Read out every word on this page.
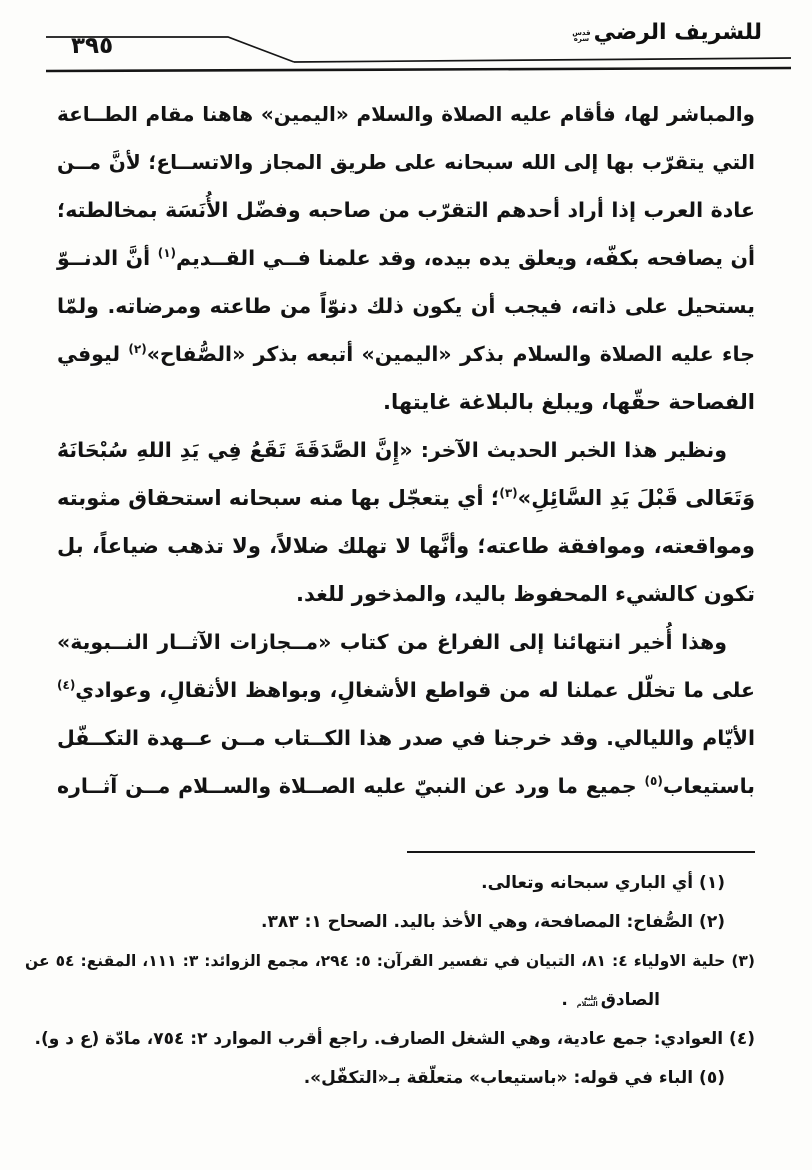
للشريف الرضي
قدس
سره
٣٩٥
والمباشر لها، فأقام عليه الصلاة والسلام «اليمين» هاهنا مقام الطــاعة
التي يتقرّب بها إلى الله سبحانه على طريق المجاز والاتســاع؛ لأنَّ مــن
عادة العرب إذا أراد أحدهم التقرّب من صاحبه وفضّل الأُنَسَة بمخالطته؛
أن يصافحه بكفّه، ويعلق يده بيده، وقد علمنا فــي القــديم$^{(١)}$ أنَّ الدنــوّ
يستحيل على ذاته، فيجب أن يكون ذلك دنوّاً من طاعته ومرضاته. ولمّا
جاء عليه الصلاة والسلام بذكر «اليمين» أتبعه بذكر «الصُّفاح»$^{(٢)}$ ليوفي
الفصاحة حقّها، ويبلغ بالبلاغة غايتها.
ونظير هذا الخبر الحديث الآخر: «إِنَّ الصَّدَقَةَ تَقَعُ فِي يَدِ اللهِ سُبْحَانَهُ
وَتَعَالى قَبْلَ يَدِ السَّائِلِ»$^{(٣)}$؛ أي يتعجّل بها منه سبحانه استحقاق مثوبته
ومواقعته، وموافقة طاعته؛ وأنَّها لا تهلك ضلالاً، ولا تذهب ضياعاً، بل
تكون كالشيء المحفوظ باليد، والمذخور للغد.
وهذا أُخير انتهائنا إلى الفراغ من كتاب «مــجازات الآثــار النــبوية»
على ما تخلّل عملنا له من قواطع الأشغالِ، وبواهظ الأثقالِ، وعوادي$^{(٤)}$
الأيّام والليالي. وقد خرجنا في صدر هذا الكــتاب مــن عــهدة التكــفّل
باستيعاب$^{(٥)}$ جميع ما ورد عن النبيّ عليه الصــلاة والســلام مــن آثــاره
(١) أي الباري سبحانه وتعالى.
(٢) الصُّفاح: المصافحة، وهي الأخذ باليد. الصحاح ١: ٣٨٣.
(٣) حلية الاولياء ٤: ٨١، التبيان في تفسير القرآن: ٥: ٢٩٤، مجمع الزوائد: ٣: ١١١، المقنع: ٥٤ عن
الصادق
عليه
السلام
.
(٤) العوادي: جمع عادية، وهي الشغل الصارف. راجع أقرب الموارد ٢: ٧٥٤، مادّة (ع د و).
(٥) الباء في قوله: «باستيعاب» متعلّقة بـ«التكفّل».
